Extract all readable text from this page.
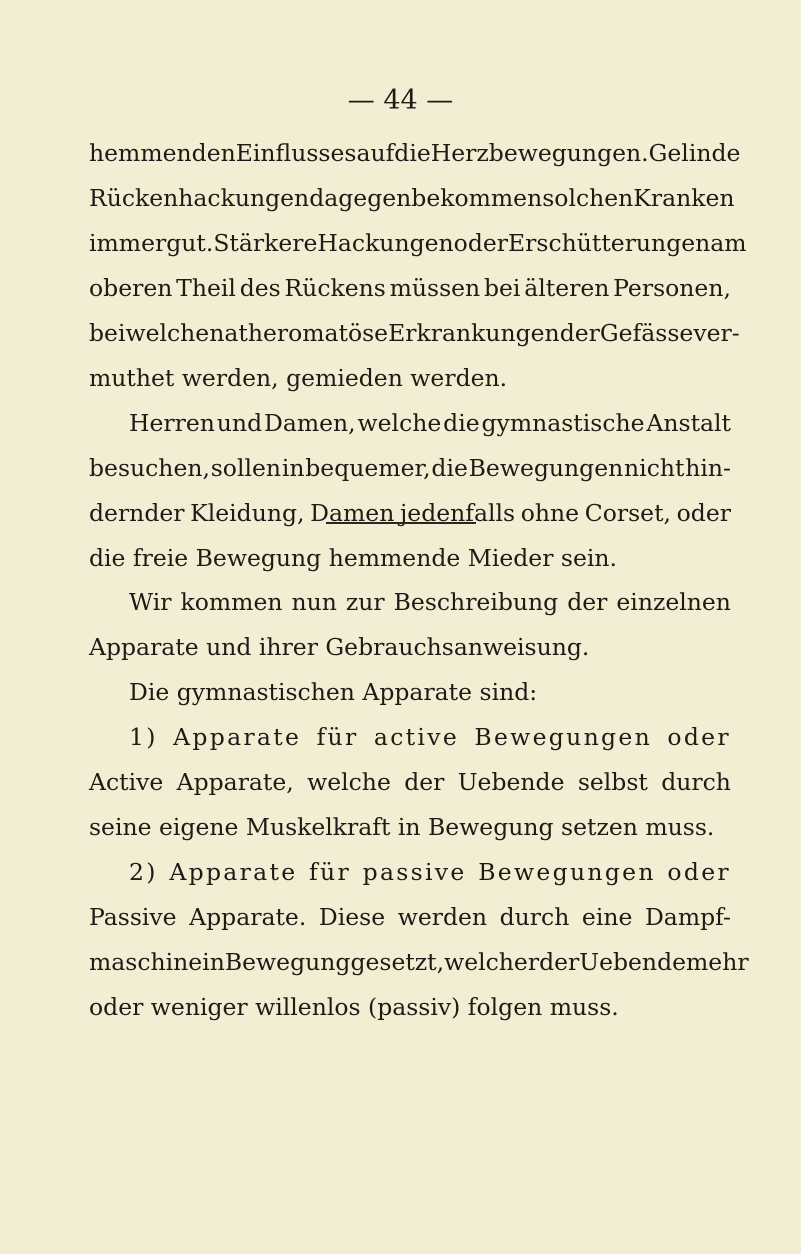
— 44 —
hemmenden Einflusses auf die Herzbewegungen. Gelinde
Rückenhackungen dagegen bekommen solchen Kranken
immer gut. Stärkere Hackungen oder Erschütterungen am
oberen Theil des Rückens müssen bei älteren Personen,
bei welchen atheromatöse Erkrankungen der Gefässe ver-
muthet werden, gemieden werden.
Herren und Damen, welche die gymnastische Anstalt
besuchen, sollen in bequemer, die Bewegungen nicht hin-
dernder Kleidung, Damen jedenfalls ohne Corset, oder
die freie Bewegung hemmende Mieder sein.
Wir kommen nun zur Beschreibung der einzelnen
Apparate und ihrer Gebrauchsanweisung.
Die gymnastischen Apparate sind:
1) Apparate für active Bewegungen oder
Active Apparate, welche der Uebende selbst durch
seine eigene Muskelkraft in Bewegung setzen muss.
2) Apparate für passive Bewegungen oder
Passive Apparate. Diese werden durch eine Dampf-
maschine in Bewegung gesetzt, welcher der Uebende mehr
oder weniger willenlos (passiv) folgen muss.
